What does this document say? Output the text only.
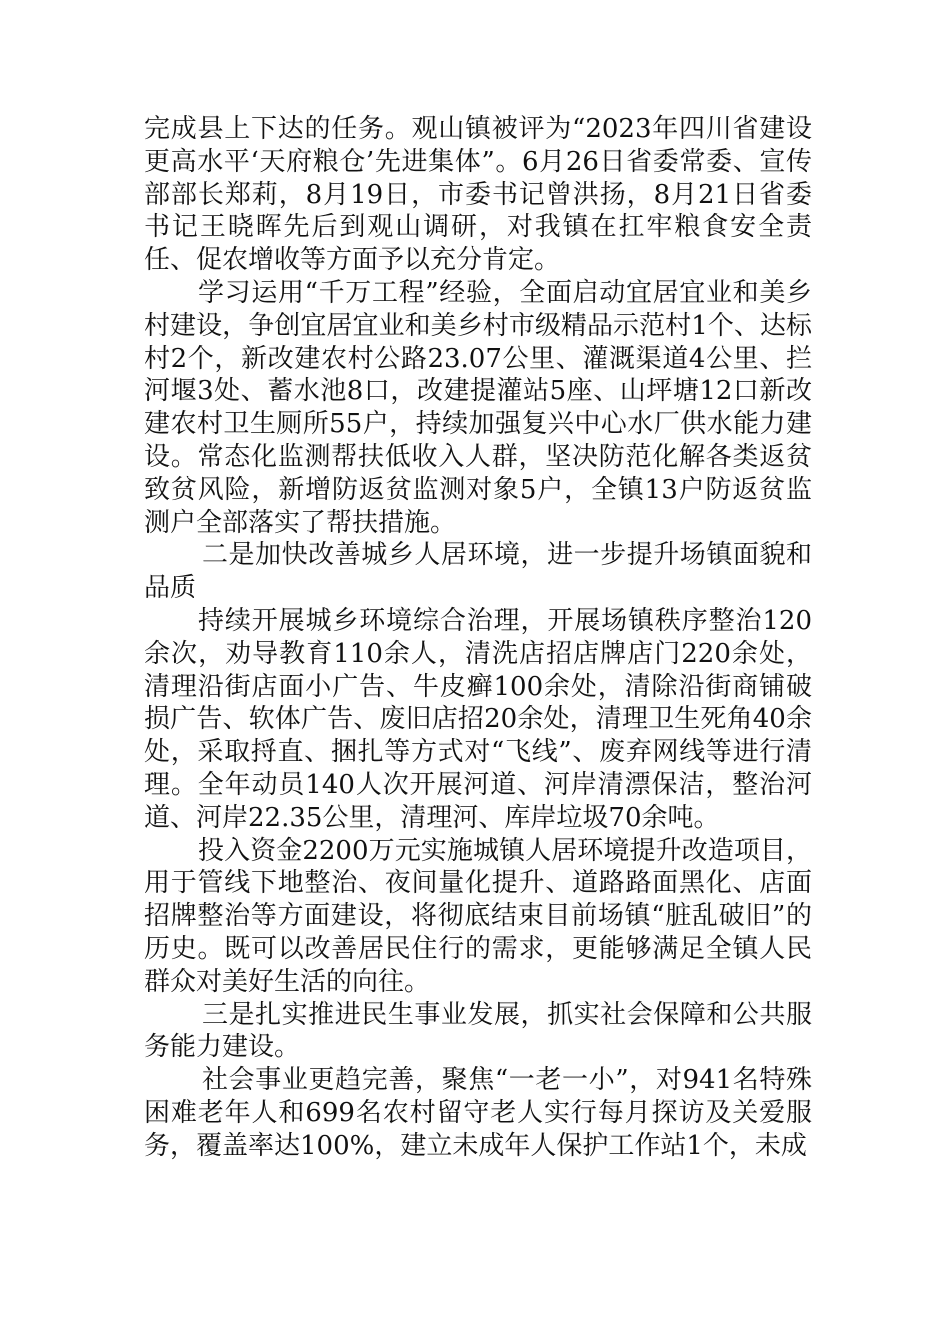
完成县上下达的任务。观山镇被评为“2023年四川省建设更高水平‘天府粮仓’先进集体”。6月26日省委常委、宣传部部长郑莉，8月19日，市委书记曾洪扬，8月21日省委书记王晓晖先后到观山调研，对我镇在扛牢粮食安全责任、促农增收等方面予以充分肯定。

学习运用“千万工程”经验，全面启动宜居宜业和美乡村建设，争创宜居宜业和美乡村市级精品示范村1个、达标村2个，新改建农村公路23.07公里、灌溉渠道4公里、拦河堰3处、蓄水池8口，改建提灌站5座、山坪塘12口新改建农村卫生厕所55户，持续加强复兴中心水厂供水能力建设。常态化监测帮扶低收入人群，坚决防范化解各类返贫致贫风险，新增防返贫监测对象5户，全镇13户防返贫监测户全部落实了帮扶措施。

二是加快改善城乡人居环境，进一步提升场镇面貌和品质

持续开展城乡环境综合治理，开展场镇秩序整治120余次，劝导教育110余人，清洗店招店牌店门220余处，清理沿街店面小广告、牛皮癣100余处，清除沿街商铺破损广告、软体广告、废旧店招20余处，清理卫生死角40余处，采取捋直、捆扎等方式对“飞线”、废弃网线等进行清理。全年动员140人次开展河道、河岸清漂保洁，整治河道、河岸22.35公里，清理河、库岸垃圾70余吨。

投入资金2200万元实施城镇人居环境提升改造项目，用于管线下地整治、夜间量化提升、道路路面黑化、店面招牌整治等方面建设，将彻底结束目前场镇“脏乱破旧”的历史。既可以改善居民住行的需求，更能够满足全镇人民群众对美好生活的向往。

三是扎实推进民生事业发展，抓实社会保障和公共服务能力建设。

社会事业更趋完善，聚焦“一老一小”，对941名特殊困难老年人和699名农村留守老人实行每月探访及关爱服务，覆盖率达100%，建立未成年人保护工作站1个，未成
